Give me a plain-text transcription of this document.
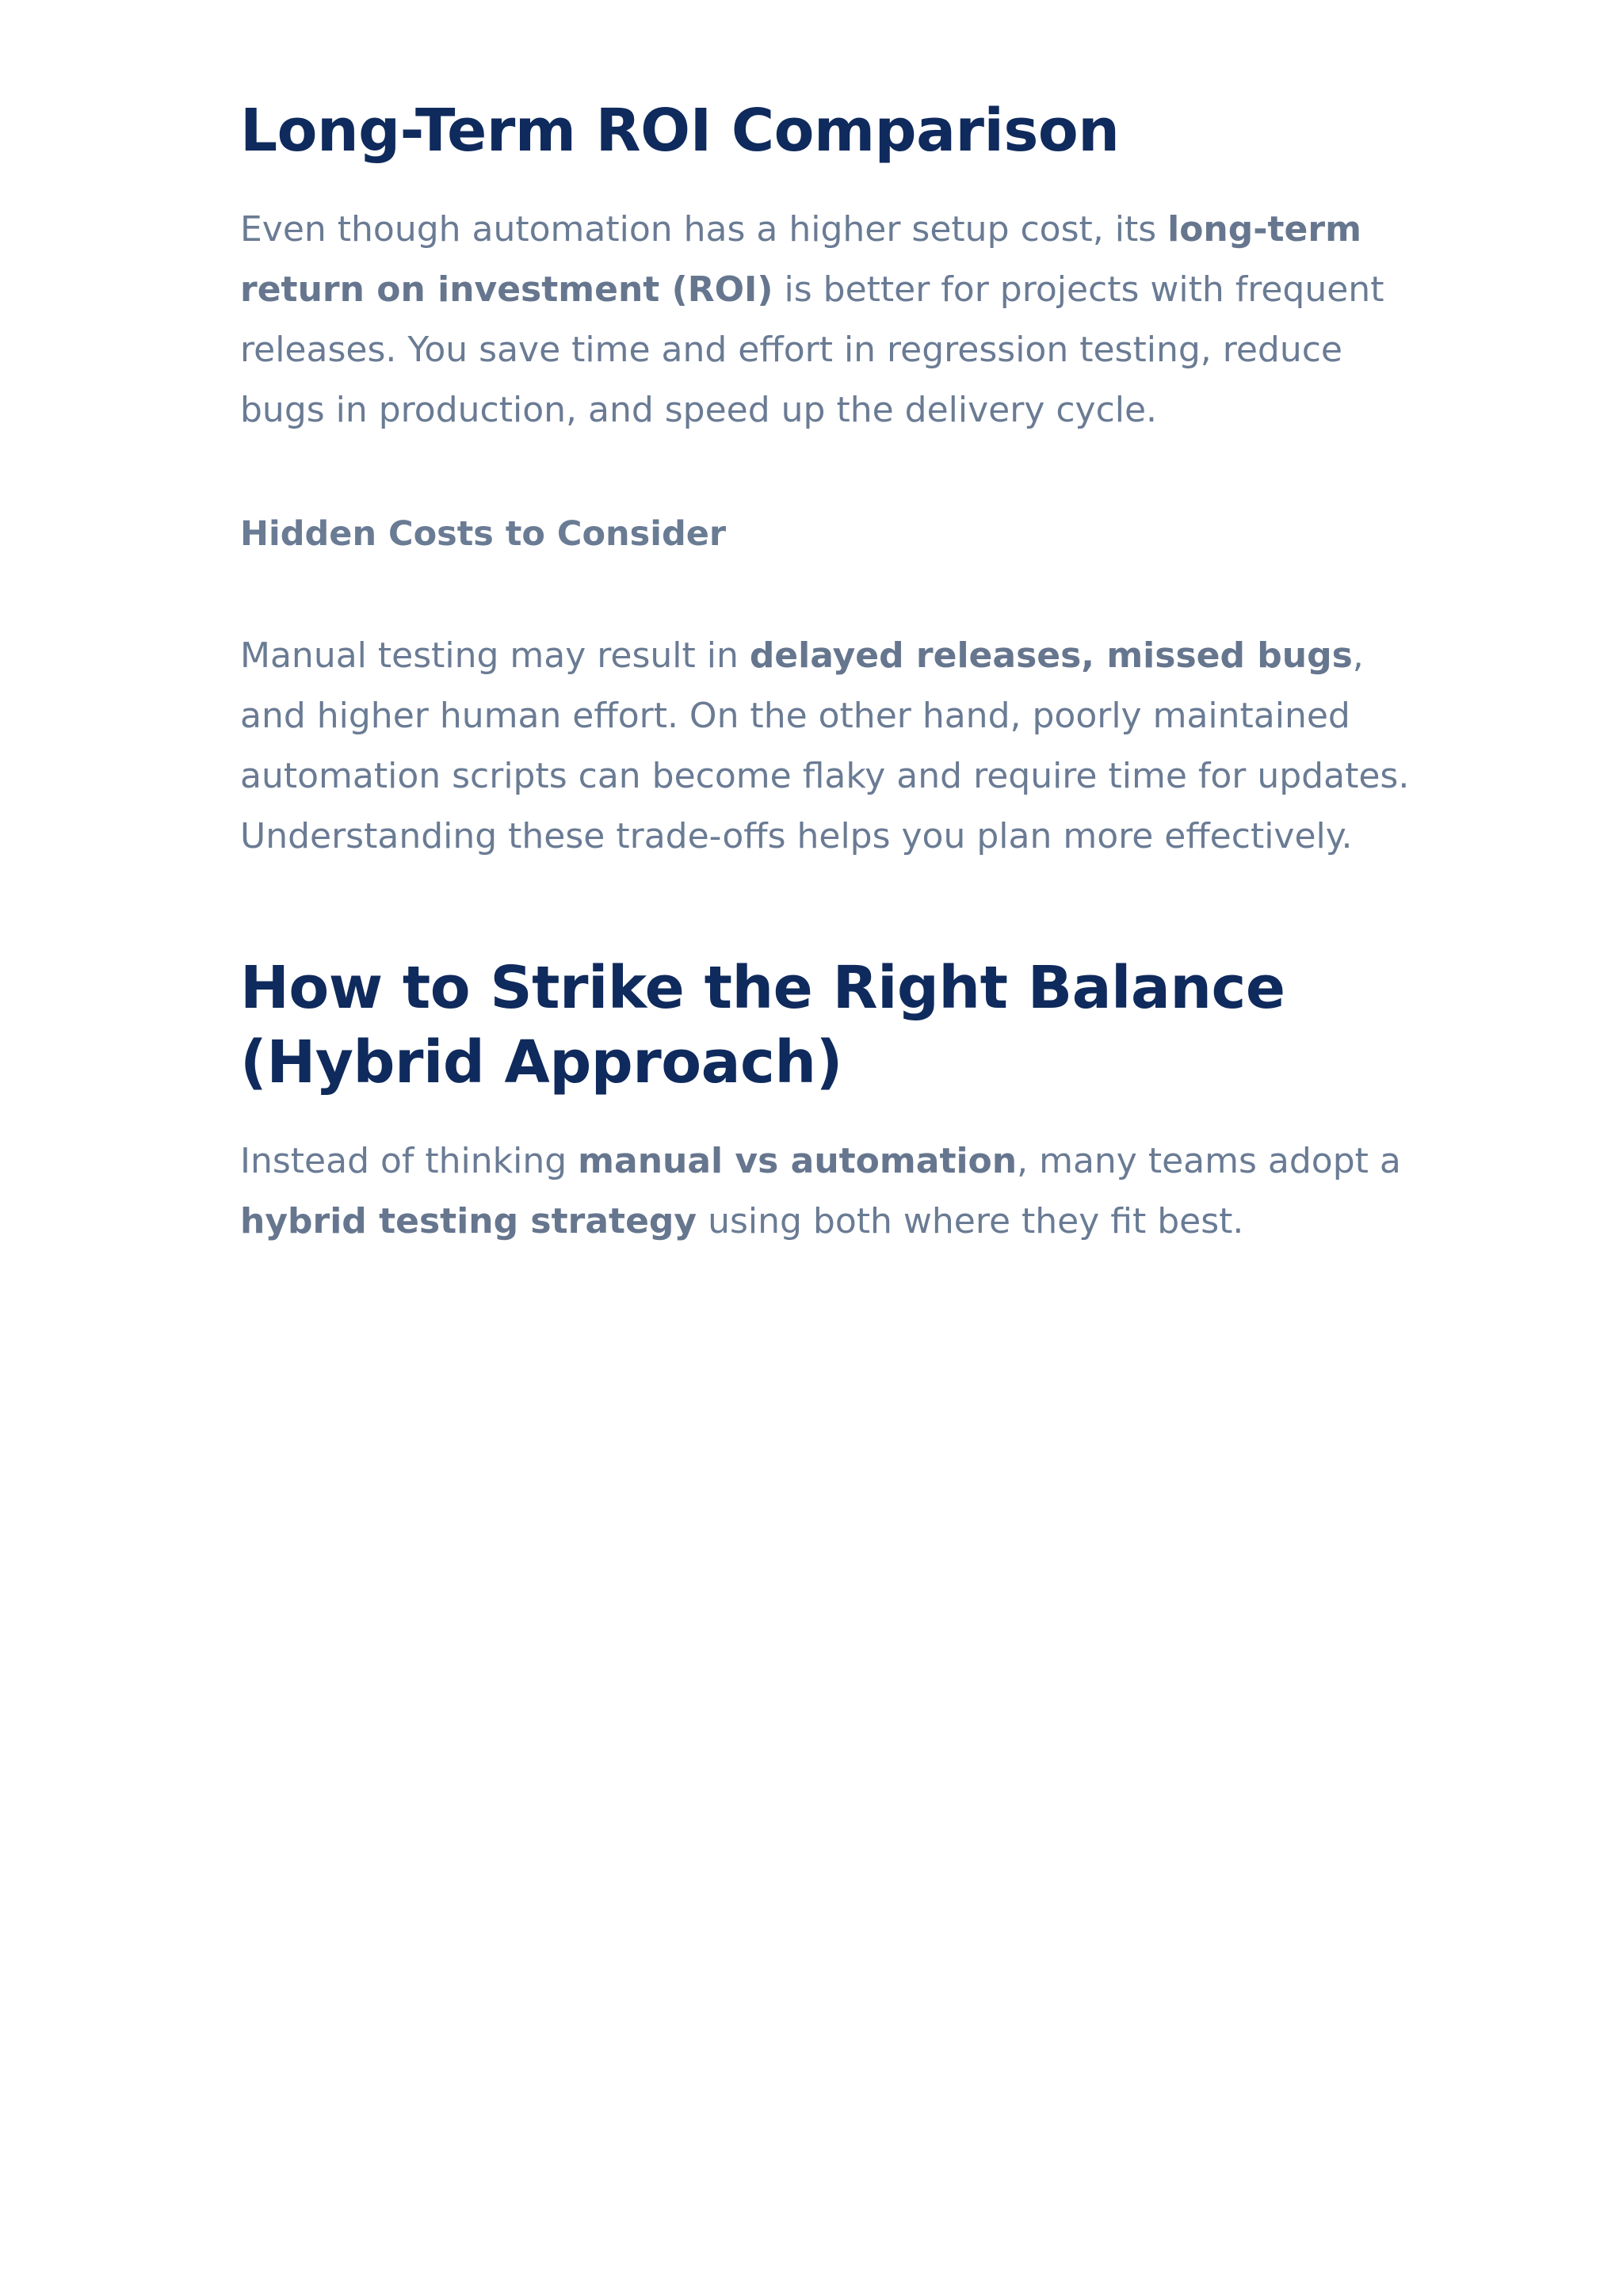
Long-Term ROI Comparison

Even though automation has a higher setup cost, its long-term return on investment (ROI) is better for projects with frequent releases. You save time and effort in regression testing, reduce bugs in production, and speed up the delivery cycle.

Hidden Costs to Consider

Manual testing may result in delayed releases, missed bugs, and higher human effort. On the other hand, poorly maintained automation scripts can become flaky and require time for updates. Understanding these trade-offs helps you plan more effectively.

How to Strike the Right Balance (Hybrid Approach)

Instead of thinking manual vs automation, many teams adopt a hybrid testing strategy using both where they fit best.
